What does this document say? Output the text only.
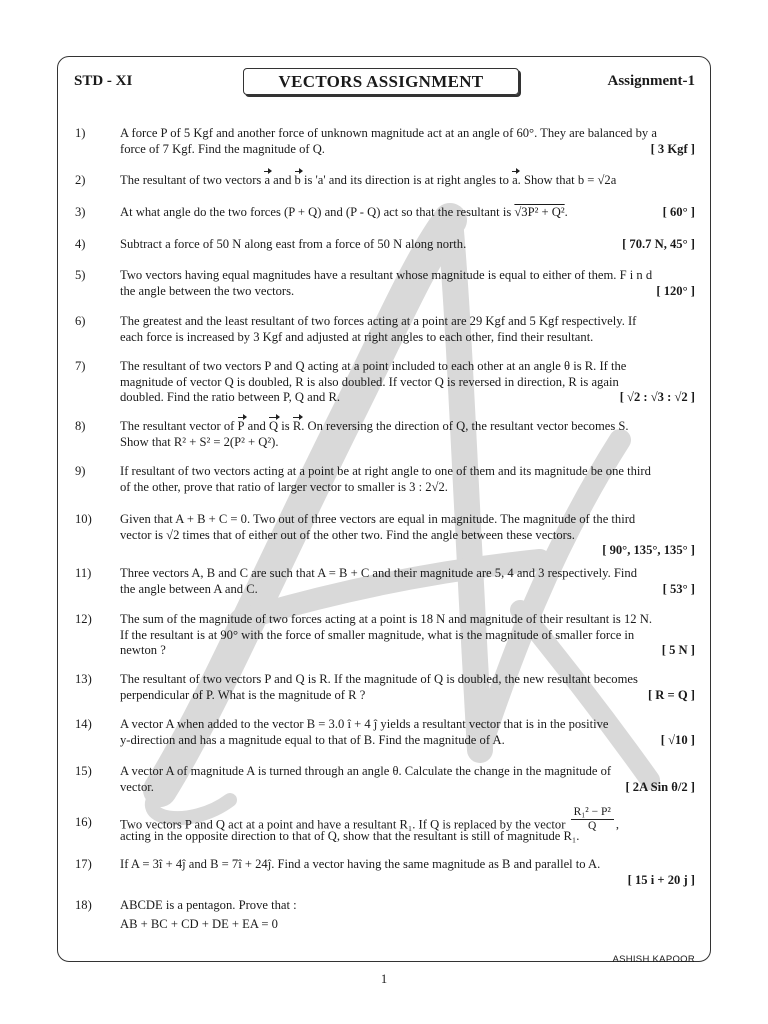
STD - XI	VECTORS ASSIGNMENT	Assignment-1
1)	A force P of 5 Kgf and another force of unknown magnitude act at an angle of 60°. They are balanced by a
force of 7 Kgf. Find the magnitude of Q.	[ 3 Kgf ]
2)	The resultant of two vectors a and b is 'a' and its direction is at right angles to a. Show that b = √2a
3)	At what angle do the two forces (P + Q) and (P - Q) act so that the resultant is √3P² + Q².	[ 60° ]
4)	Subtract a force of 50 N along east from a force of 50 N along north.	[ 70.7 N, 45° ]
5)	Two vectors having equal magnitudes have a resultant whose magnitude is equal to either of them. F i n d
the angle between the two vectors.	[ 120° ]
6)	The greatest and the least resultant of two forces acting at a point are 29 Kgf and 5 Kgf respectively. If
each force is increased by 3 Kgf and adjusted at right angles to each other, find their resultant.
7)	The resultant of two vectors P and Q acting at a point included to each other at an angle θ is R. If the
magnitude of vector Q is doubled, R is also doubled. If vector Q is reversed in direction, R is again
doubled. Find the ratio between P, Q and R.	[ √2 : √3 : √2 ]
8)	The resultant vector of P and Q is R. On reversing the direction of Q, the resultant vector becomes S.
Show that R² + S² = 2(P² + Q²).
9)	If resultant of two vectors acting at a point be at right angle to one of them and its magnitude be one third
of the other, prove that ratio of larger vector to smaller is 3 : 2√2.
10) Given that A + B + C = 0. Two out of three vectors are equal in magnitude. The magnitude of the third
vector is √2 times that of either out of the other two. Find the angle between these vectors.
[ 90°, 135°, 135° ]
11) Three vectors A, B and C are such that A = B + C and their magnitude are 5, 4 and 3 respectively. Find
the angle between A and C.	[ 53° ]
12) The sum of the magnitude of two forces acting at a point is 18 N and magnitude of their resultant is 12 N.
If the resultant is at 90° with the force of smaller magnitude, what is the magnitude of smaller force in
newton ?	[ 5 N ]
13) The resultant of two vectors P and Q is R. If the magnitude of Q is doubled, the new resultant becomes
perpendicular of P. What is the magnitude of R ?	[ R = Q ]
14) A vector A when added to the vector B = 3.0 î + 4 ĵ yields a resultant vector that is in the positive
y-direction and has a magnitude equal to that of B. Find the magnitude of A.	[ √10 ]
15) A vector A of magnitude A is turned through an angle θ. Calculate the change in the magnitude of
vector.	[ 2A Sin θ/2 ]
16) Two vectors P and Q act at a point and have a resultant R₁. If Q is replaced by the vector $\frac{\text{R₁² − P²}}{Q}$ ,
acting in the opposite direction to that of Q, show that the resultant is still of magnitude R₁.
17) If A = 3î + 4ĵ and B = 7î + 24ĵ. Find a vector having the same magnitude as B and parallel to A.
[ 15 i + 20 j ]
18) ABCDE is a pentagon. Prove that :
AB + BC + CD + DE + EA = 0
ASHISH KAPOOR
1
